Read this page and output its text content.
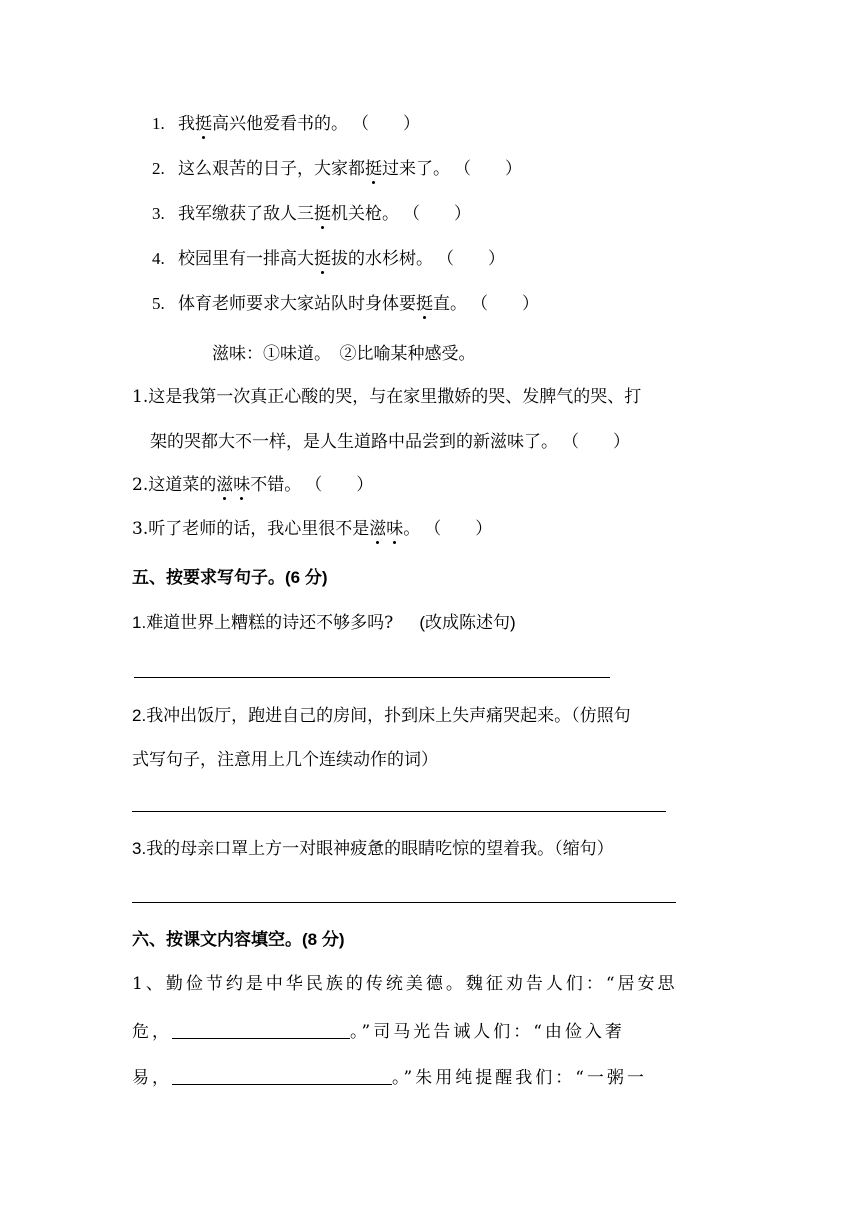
1. 我挺高兴他爱看书的。 （　　）
2. 这么艰苦的日子，大家都挺过来了。 （　　）
3. 我军缴获了敌人三挺机关枪。 （　　）
4. 校园里有一排高大挺拔的水杉树。 （　　）
5. 体育老师要求大家站队时身体要挺直。 （　　）
滋味：①味道。　②比喻某种感受。
1.这是我第一次真正心酸的哭，与在家里撒娇的哭、发脾气的哭、打
架的哭都大不一样，是人生道路中品尝到的新滋味了。 （　　）
2.这道菜的滋味不错。 （　　）
3.听了老师的话，我心里很不是滋味。 （　　）
五、按要求写句子。(6 分)
1.难道世界上糟糕的诗还不够多吗? (改成陈述句)
2.我冲出饭厅，跑进自己的房间，扑到床上失声痛哭起来。（仿照句
式写句子，注意用上几个连续动作的词）
3.我的母亲口罩上方一对眼神疲惫的眼睛吃惊的望着我。（缩句）
六、按课文内容填空。(8 分)
1、勤俭节约是中华民族的传统美德。魏征劝告人们：“居安思
危，	。”司马光告诫人们：“由俭入奢
易，	。”朱用纯提醒我们：“一粥一
